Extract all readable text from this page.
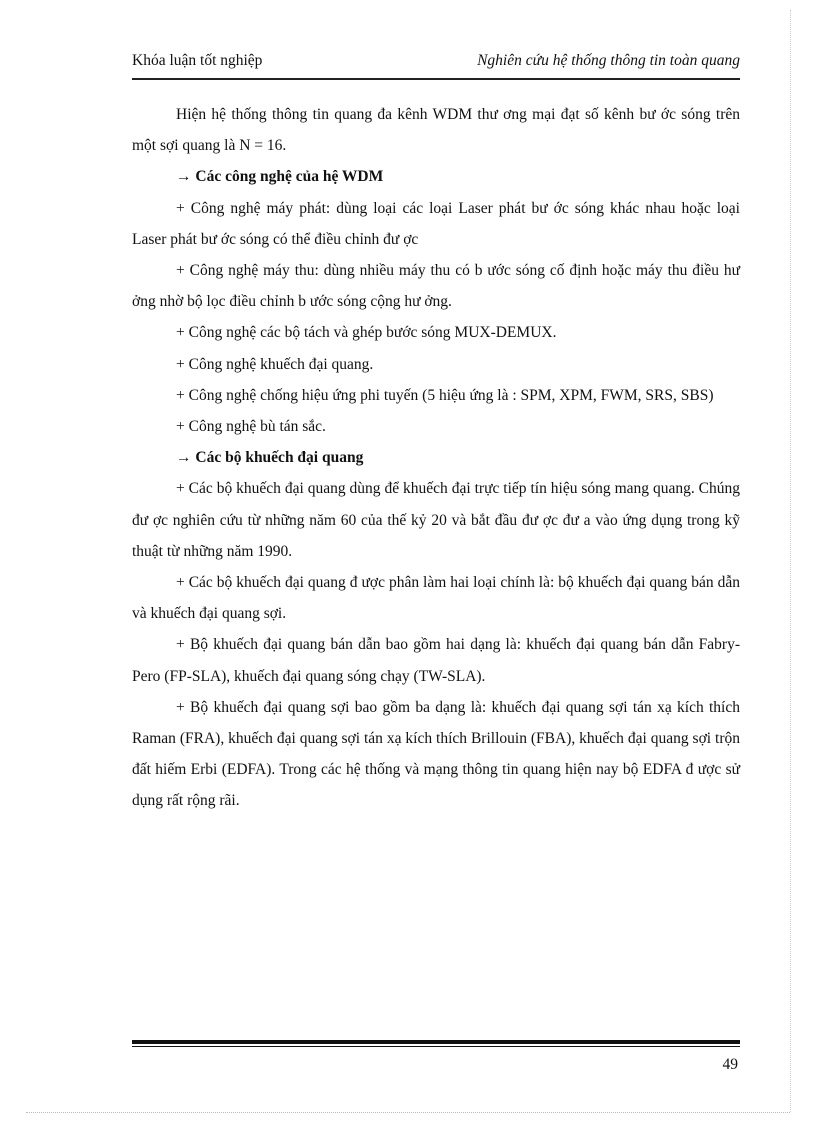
Khóa luận tốt nghiệp	Nghiên cứu hệ thống thông tin toàn quang

Hiện hệ thống thông tin quang đa kênh WDM thư ơng mại đạt số kênh bư ớc sóng trên một sợi quang là N = 16.

→ Các công nghệ của hệ WDM

+ Công nghệ máy phát: dùng loại các loại Laser phát bư ớc sóng khác nhau hoặc loại Laser phát bư ớc sóng có thể điều chỉnh đư ợc

+ Công nghệ máy thu: dùng nhiều máy thu có b ước sóng cố định hoặc máy thu điều hư ởng nhờ bộ lọc điều chỉnh b ước sóng cộng hư ởng.

+ Công nghệ các bộ tách và ghép bước sóng MUX-DEMUX.

+ Công nghệ khuếch đại quang.

+ Công nghệ chống hiệu ứng phi tuyến (5 hiệu ứng là : SPM, XPM, FWM, SRS, SBS)

+ Công nghệ bù tán sắc.

→ Các bộ khuếch đại quang

+ Các bộ khuếch đại quang dùng để khuếch đại trực tiếp tín hiệu sóng mang quang. Chúng đư ợc nghiên cứu từ những năm 60 của thế kỷ 20 và bắt đầu đư ợc đư a vào ứng dụng trong kỹ thuật từ những năm 1990.

+ Các bộ khuếch đại quang đ ược phân làm hai loại chính là: bộ khuếch đại quang bán dẫn và khuếch đại quang sợi.

+ Bộ khuếch đại quang bán dẫn bao gồm hai dạng là: khuếch đại quang bán dẫn Fabry-Pero (FP-SLA), khuếch đại quang sóng chạy (TW-SLA).

+ Bộ khuếch đại quang sợi bao gồm ba dạng là: khuếch đại quang sợi tán xạ kích thích Raman (FRA), khuếch đại quang sợi tán xạ kích thích Brillouin (FBA), khuếch đại quang sợi trộn đất hiếm Erbi (EDFA). Trong các hệ thống và mạng thông tin quang hiện nay bộ EDFA đ ược sử dụng rất rộng rãi.

49
